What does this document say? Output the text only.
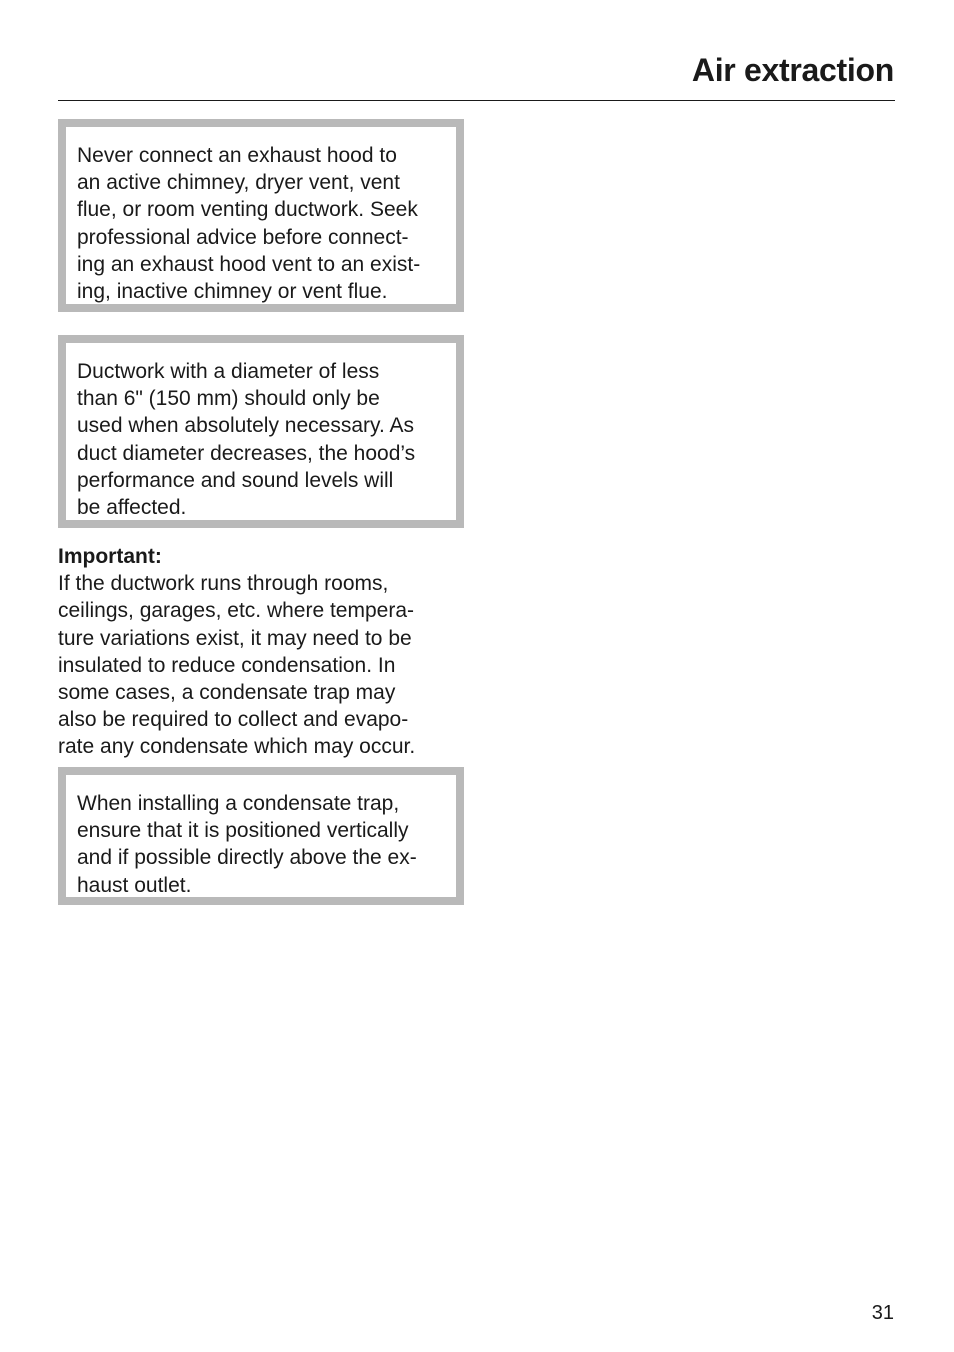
Air extraction
Never connect an exhaust hood to
an active chimney, dryer vent, vent
flue, or room venting ductwork. Seek
professional advice before connect-
ing an exhaust hood vent to an exist-
ing, inactive chimney or vent flue.
Ductwork with a diameter of less
than 6" (150 mm) should only be
used when absolutely necessary. As
duct diameter decreases, the hood’s
performance and sound levels will
be affected.
Important:
If the ductwork runs through rooms,
ceilings, garages, etc. where tempera-
ture variations exist, it may need to be
insulated to reduce condensation. In
some cases, a condensate trap may
also be required to collect and evapo-
rate any condensate which may occur.
When installing a condensate trap,
ensure that it is positioned vertically
and if possible directly above the ex-
haust outlet.
31
